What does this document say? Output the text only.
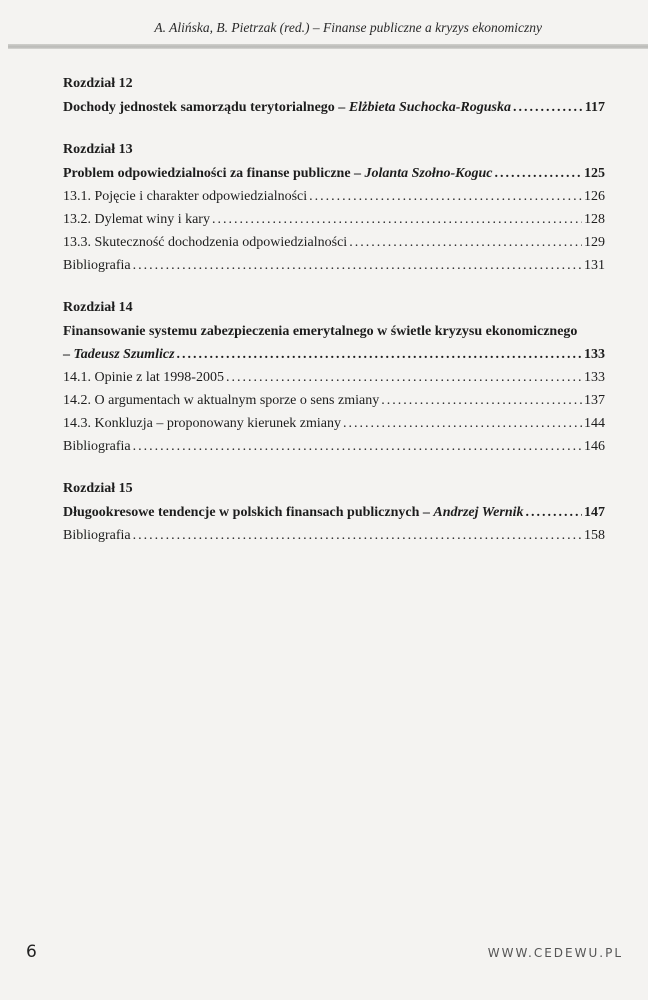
A. Alińska, B. Pietrzak (red.) – Finanse publiczne a kryzys ekonomiczny
Rozdział 12
Dochody jednostek samorządu terytorialnego – Elżbieta Suchocka-Roguska .....	117
Rozdział 13
Problem odpowiedzialności za finanse publiczne – Jolanta Szołno-Koguc .....	125
13.1. Pojęcie i charakter odpowiedzialności .....	126
13.2. Dylemat winy i kary .....	128
13.3. Skuteczność dochodzenia odpowiedzialności .....	129
Bibliografia .....	131
Rozdział 14
Finansowanie systemu zabezpieczenia emerytalnego w świetle kryzysu ekonomicznego
– Tadeusz Szumlicz .....	133
14.1. Opinie z lat 1998-2005 .....	133
14.2. O argumentach w aktualnym sporze o sens zmiany .....	137
14.3. Konkluzja – proponowany kierunek zmiany .....	144
Bibliografia .....	146
Rozdział 15
Długookresowe tendencje w polskich finansach publicznych – Andrzej Wernik .....	147
Bibliografia .....	158
6	WWW.CEDEWU.PL
